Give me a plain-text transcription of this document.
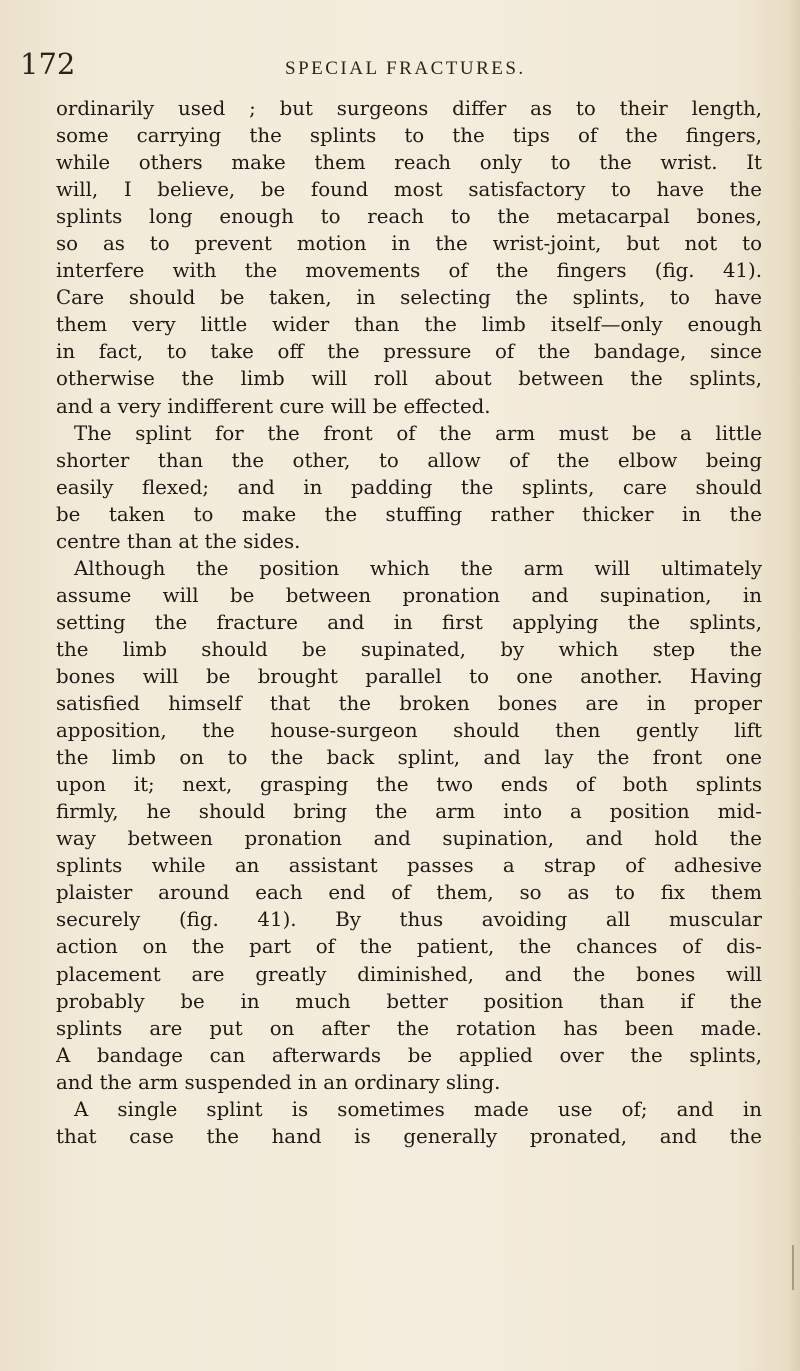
172	SPECIAL FRACTURES.
ordinarily used ; but surgeons differ as to their length,
some carrying the splints to the tips of the fingers,
while others make them reach only to the wrist. It
will, I believe, be found most satisfactory to have the
splints long enough to reach to the metacarpal bones,
so as to prevent motion in the wrist-joint, but not to
interfere with the movements of the fingers (fig. 41).
Care should be taken, in selecting the splints, to have
them very little wider than the limb itself—only enough
in fact, to take off the pressure of the bandage, since
otherwise the limb will roll about between the splints,
and a very indifferent cure will be effected.
The splint for the front of the arm must be a little
shorter than the other, to allow of the elbow being
easily flexed; and in padding the splints, care should
be taken to make the stuffing rather thicker in the
centre than at the sides.
Although the position which the arm will ultimately
assume will be between pronation and supination, in
setting the fracture and in first applying the splints,
the limb should be supinated, by which step the
bones will be brought parallel to one another. Having
satisfied himself that the broken bones are in proper
apposition, the house-surgeon should then gently lift
the limb on to the back splint, and lay the front one
upon it; next, grasping the two ends of both splints
firmly, he should bring the arm into a position mid-
way between pronation and supination, and hold the
splints while an assistant passes a strap of adhesive
plaister around each end of them, so as to fix them
securely (fig. 41). By thus avoiding all muscular
action on the part of the patient, the chances of dis-
placement are greatly diminished, and the bones will
probably be in much better position than if the
splints are put on after the rotation has been made.
A bandage can afterwards be applied over the splints,
and the arm suspended in an ordinary sling.
A single splint is sometimes made use of; and in
that case the hand is generally pronated, and the
